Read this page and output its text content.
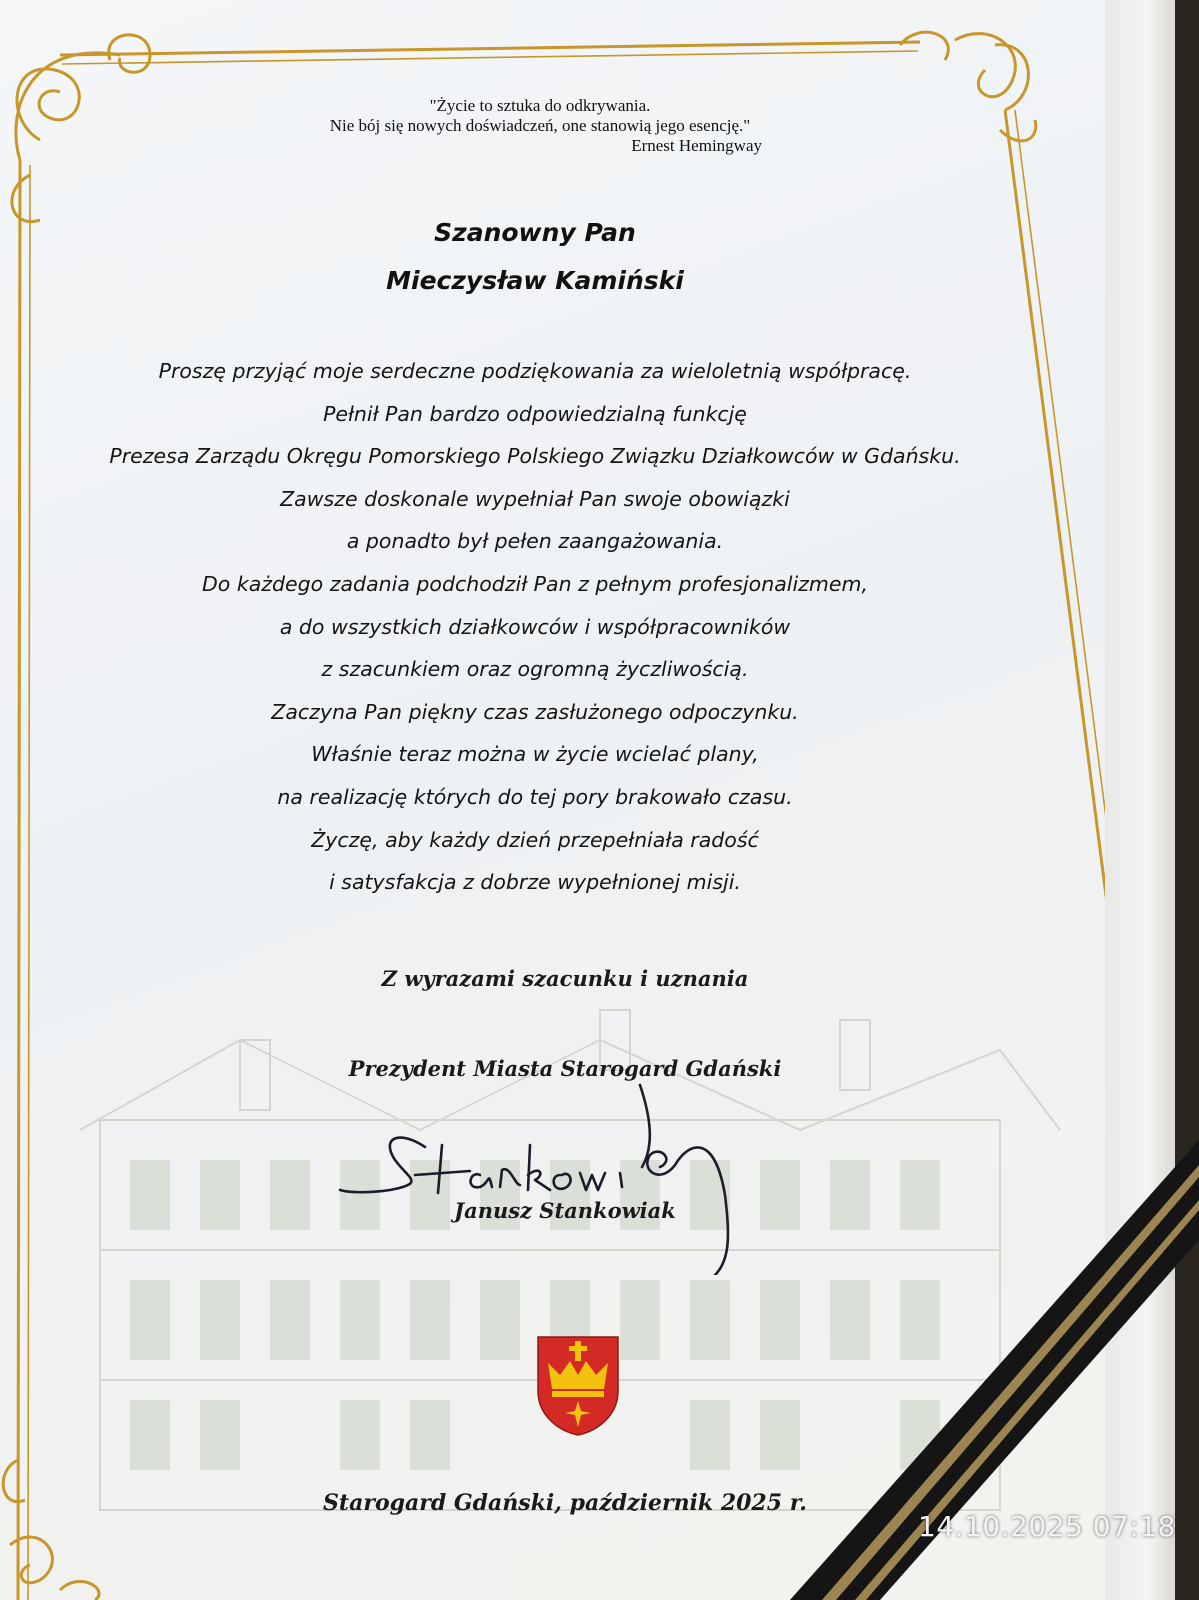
"Życie to sztuka do odkrywania.
Nie bój się nowych doświadczeń, one stanowią jego esencję."
Ernest Hemingway
Szanowny Pan
Mieczysław Kamiński
Proszę przyjąć moje serdeczne podziękowania za wieloletnią współpracę.
Pełnił Pan bardzo odpowiedzialną funkcję
Prezesa Zarządu Okręgu Pomorskiego Polskiego Związku Działkowców w Gdańsku.
Zawsze doskonale wypełniał Pan swoje obowiązki
a ponadto był pełen zaangażowania.
Do każdego zadania podchodził Pan z pełnym profesjonalizmem,
a do wszystkich działkowców i współpracowników
z szacunkiem oraz ogromną życzliwością.
Zaczyna Pan piękny czas zasłużonego odpoczynku.
Właśnie teraz można w życie wcielać plany,
na realizację których do tej pory brakowało czasu.
Życzę, aby każdy dzień przepełniała radość
i satysfakcja z dobrze wypełnionej misji.
Z wyrazami szacunku i uznania
Prezydent Miasta Starogard Gdański
Janusz Stankowiak
Starogard Gdański, październik 2025 r.
14.10.2025 07:18
